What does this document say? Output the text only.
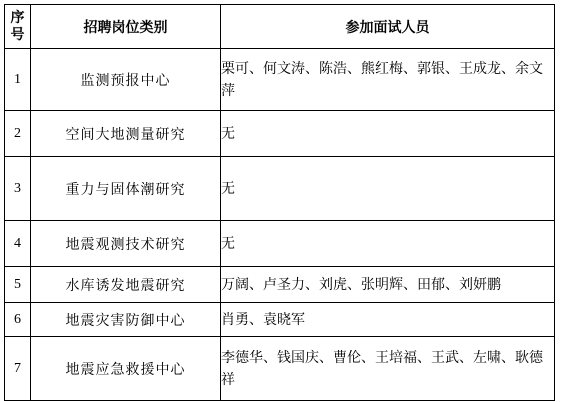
序
号	招聘岗位类别	参加面试人员
1	监测预报中心	栗可、何文涛、陈浩、熊红梅、郭银、王成龙、余文萍
2	空间大地测量研究	无
3	重力与固体潮研究	无
4	地震观测技术研究	无
5	水库诱发地震研究	万阔、卢圣力、刘虎、张明辉、田郁、刘妍鹏
6	地震灾害防御中心	肖勇、袁晓军
7	地震应急救援中心	李德华、钱国庆、曹伦、王培福、王武、左啸、耿德祥
